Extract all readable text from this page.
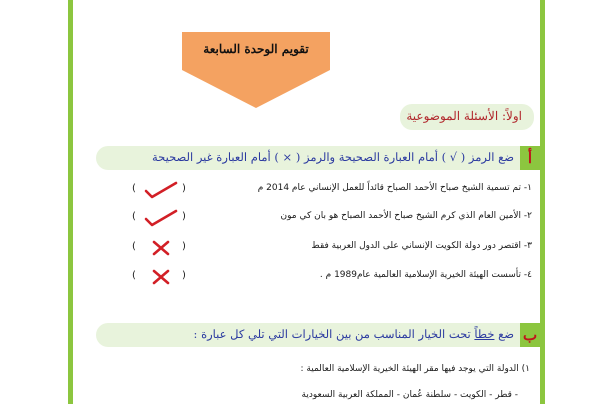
تقويم الوحدة السابعة
اولاً: الأسئلة الموضوعية
أ
ضع الرمز ( √ ) أمام العبارة الصحيحة والرمز ( × ) أمام العبارة غير الصحيحة
١- تم تسمية الشيخ صباح الأحمد الصباح قائداً للعمل الإنساني عام 2014 م
(	)
٢- الأمين العام الذي كرم الشيخ صباح الأحمد الصباح هو بان كي مون
(	)
٣- اقتصر دور دولة الكويت الإنساني على الدول العربية فقط
(	)
٤- تأسست الهيئة الخيرية الإسلامية العالمية عام1989 م .
(	)
ب
ضع خطاً تحت الخيار المناسب من بين الخيارات التي تلي كل عبارة :
١) الدولة التي يوجد فيها مقر الهيئة الخيرية الإسلامية العالمية :
- قطر - الكويت - سلطنة عُمان - المملكة العربية السعودية
